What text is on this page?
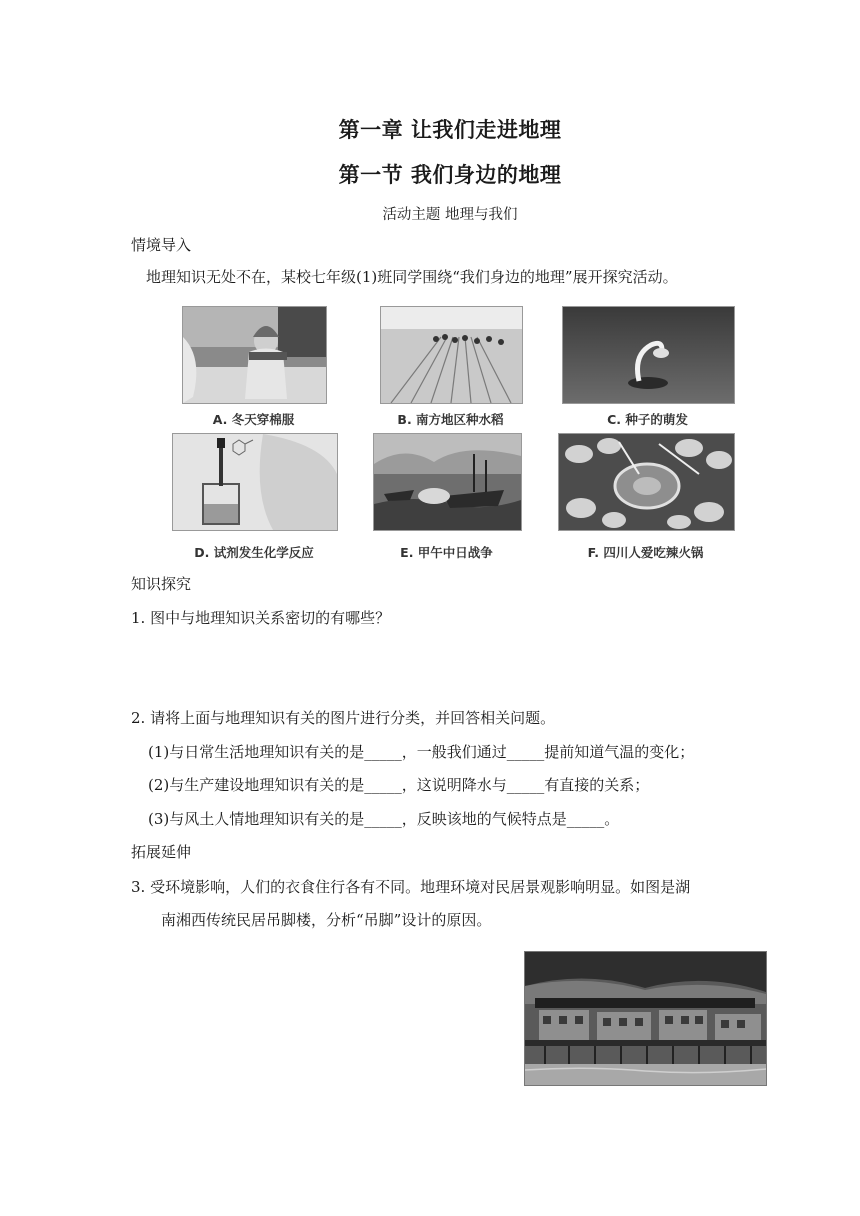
第一章 让我们走进地理
第一节 我们身边的地理
活动主题 地理与我们
情境导入
地理知识无处不在，某校七年级(1)班同学围绕“我们身边的地理”展开探究活动。
A. 冬天穿棉服	B. 南方地区种水稻	C. 种子的萌发
D. 试剂发生化学反应	E. 甲午中日战争	F. 四川人爱吃辣火锅
知识探究
1. 图中与地理知识关系密切的有哪些？
2. 请将上面与地理知识有关的图片进行分类，并回答相关问题。
(1)与日常生活地理知识有关的是_____，一般我们通过_____提前知道气温的变化；
(2)与生产建设地理知识有关的是_____，这说明降水与_____有直接的关系；
(3)与风土人情地理知识有关的是_____，反映该地的气候特点是_____。
拓展延伸
3. 受环境影响，人们的衣食住行各有不同。地理环境对民居景观影响明显。如图是湖
南湘西传统民居吊脚楼，分析“吊脚”设计的原因。
